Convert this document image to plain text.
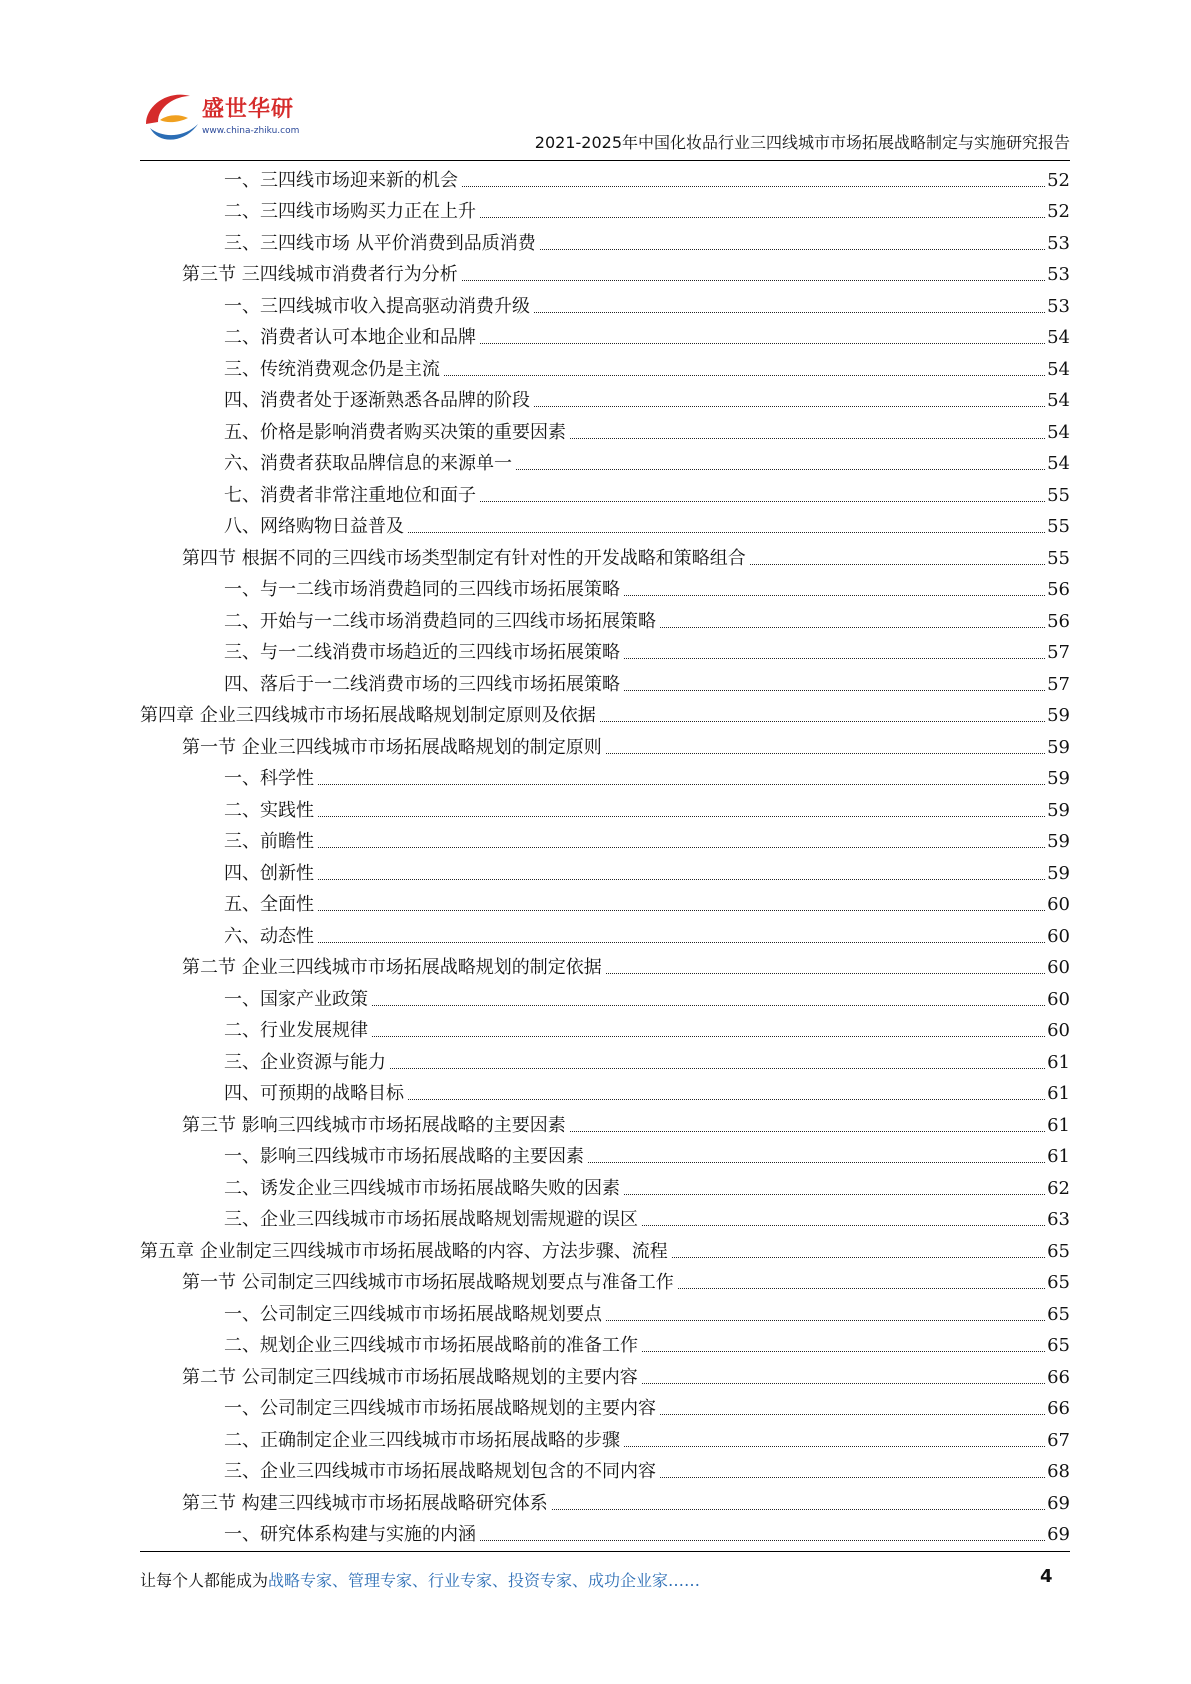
盛世华研
www.china-zhiku.com
2021-2025年中国化妆品行业三四线城市市场拓展战略制定与实施研究报告
一、三四线市场迎来新的机会	52
二、三四线市场购买力正在上升	52
三、三四线市场 从平价消费到品质消费	53
第三节 三四线城市消费者行为分析	53
一、三四线城市收入提高驱动消费升级	53
二、消费者认可本地企业和品牌	54
三、传统消费观念仍是主流	54
四、消费者处于逐渐熟悉各品牌的阶段	54
五、价格是影响消费者购买决策的重要因素	54
六、消费者获取品牌信息的来源单一	54
七、消费者非常注重地位和面子	55
八、网络购物日益普及	55
第四节 根据不同的三四线市场类型制定有针对性的开发战略和策略组合	55
一、与一二线市场消费趋同的三四线市场拓展策略	56
二、开始与一二线市场消费趋同的三四线市场拓展策略	56
三、与一二线消费市场趋近的三四线市场拓展策略	57
四、落后于一二线消费市场的三四线市场拓展策略	57
第四章 企业三四线城市市场拓展战略规划制定原则及依据	59
第一节 企业三四线城市市场拓展战略规划的制定原则	59
一、科学性	59
二、实践性	59
三、前瞻性	59
四、创新性	59
五、全面性	60
六、动态性	60
第二节 企业三四线城市市场拓展战略规划的制定依据	60
一、国家产业政策	60
二、行业发展规律	60
三、企业资源与能力	61
四、可预期的战略目标	61
第三节 影响三四线城市市场拓展战略的主要因素	61
一、影响三四线城市市场拓展战略的主要因素	61
二、诱发企业三四线城市市场拓展战略失败的因素	62
三、企业三四线城市市场拓展战略规划需规避的误区	63
第五章 企业制定三四线城市市场拓展战略的内容、方法步骤、流程	65
第一节 公司制定三四线城市市场拓展战略规划要点与准备工作	65
一、公司制定三四线城市市场拓展战略规划要点	65
二、规划企业三四线城市市场拓展战略前的准备工作	65
第二节 公司制定三四线城市市场拓展战略规划的主要内容	66
一、公司制定三四线城市市场拓展战略规划的主要内容	66
二、正确制定企业三四线城市市场拓展战略的步骤	67
三、企业三四线城市市场拓展战略规划包含的不同内容	68
第三节 构建三四线城市市场拓展战略研究体系	69
一、研究体系构建与实施的内涵	69
让每个人都能成为战略专家、管理专家、行业专家、投资专家、成功企业家……	4
